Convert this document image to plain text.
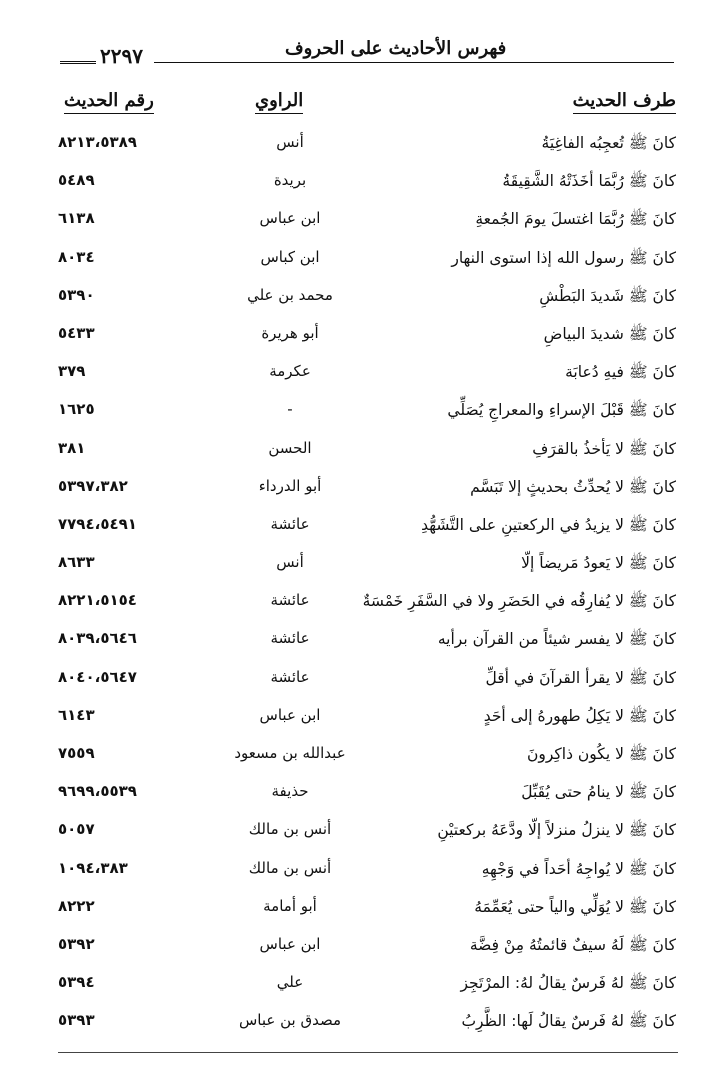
٢٢٩٧	فهرس الأحاديث على الحروف
طرف الحديث
الراوي
رقم الحديث
كانَ ﷺ تُعجِبُه الفاغِيَةُ
أنس
٨٢١٣،٥٣٨٩
كانَ ﷺ رُبَّمَا أخَذَتْهُ الشَّقِيقَةُ
بريدة
٥٤٨٩
كانَ ﷺ رُبَّمَا اغتسلَ يومَ الجُمعةِ
ابن عباس
٦١٣٨
كانَ ﷺ رسول الله إذا استوى النهار
ابن كباس
٨٠٣٤
كانَ ﷺ شَديدَ البَطْشِ
محمد بن علي
٥٣٩٠
كانَ ﷺ شديدَ البياضِ
أبو هريرة
٥٤٣٣
كانَ ﷺ فيهِ دُعابَة
عكرمة
٣٧٩
كانَ ﷺ قَبْلَ الإسراءِ والمعراجِ يُصَلِّي
-
١٦٢٥
كانَ ﷺ لا يَأخذُ بالقرَفِ
الحسن
٣٨١
كانَ ﷺ لا يُحدِّثُ بحديثٍ إلا تَبَسَّم
أبو الدرداء
٥٣٩٧،٣٨٢
كانَ ﷺ لا يزيدُ في الركعتينِ على التَّشَهُّدِ
عائشة
٧٧٩٤،٥٤٩١
كانَ ﷺ لا يَعودُ مَريضاً إلّا
أنس
٨٦٣٣
كانَ ﷺ لا يُفارِقُه في الحَضَرِ ولا في السَّفَرِ خَمْسَةٌ
عائشة
٨٢٢١،٥١٥٤
كانَ ﷺ لا يفسر شيئاً من القرآن برأيه
عائشة
٨٠٣٩،٥٦٤٦
كانَ ﷺ لا يقرأ القرآنَ في أقلِّ
عائشة
٨٠٤٠،٥٦٤٧
كانَ ﷺ لا يَكِلُ طهورهُ إلى أحَدٍ
ابن عباس
٦١٤٣
كانَ ﷺ لا يكُون ذاكِرونَ
عبدالله بن مسعود
٧٥٥٩
كانَ ﷺ لا ينامُ حتى يُقَبِّلَ
حذيفة
٩٦٩٩،٥٥٣٩
كانَ ﷺ لا ينزلُ منزلاً إلّا ودَّعَهُ بركعتيْنِ
أنس بن مالك
٥٠٥٧
كانَ ﷺ لا يُواجِهُ أحَداً في وَجْهِهِ
أنس بن مالك
١٠٩٤،٣٨٣
كانَ ﷺ لا يُوَلِّي والياً حتى يُعَمِّمَهُ
أبو أمامة
٨٢٢٢
كانَ ﷺ لَهُ سيفٌ قائمتُهُ مِنْ فِضَّة
ابن عباس
٥٣٩٢
كانَ ﷺ لهُ فَرسٌ يقالُ لهُ: المرْتَجِز
علي
٥٣٩٤
كانَ ﷺ لهُ فَرسٌ يقالُ لَها: الظَّرِبُ
مصدق بن عباس
٥٣٩٣
